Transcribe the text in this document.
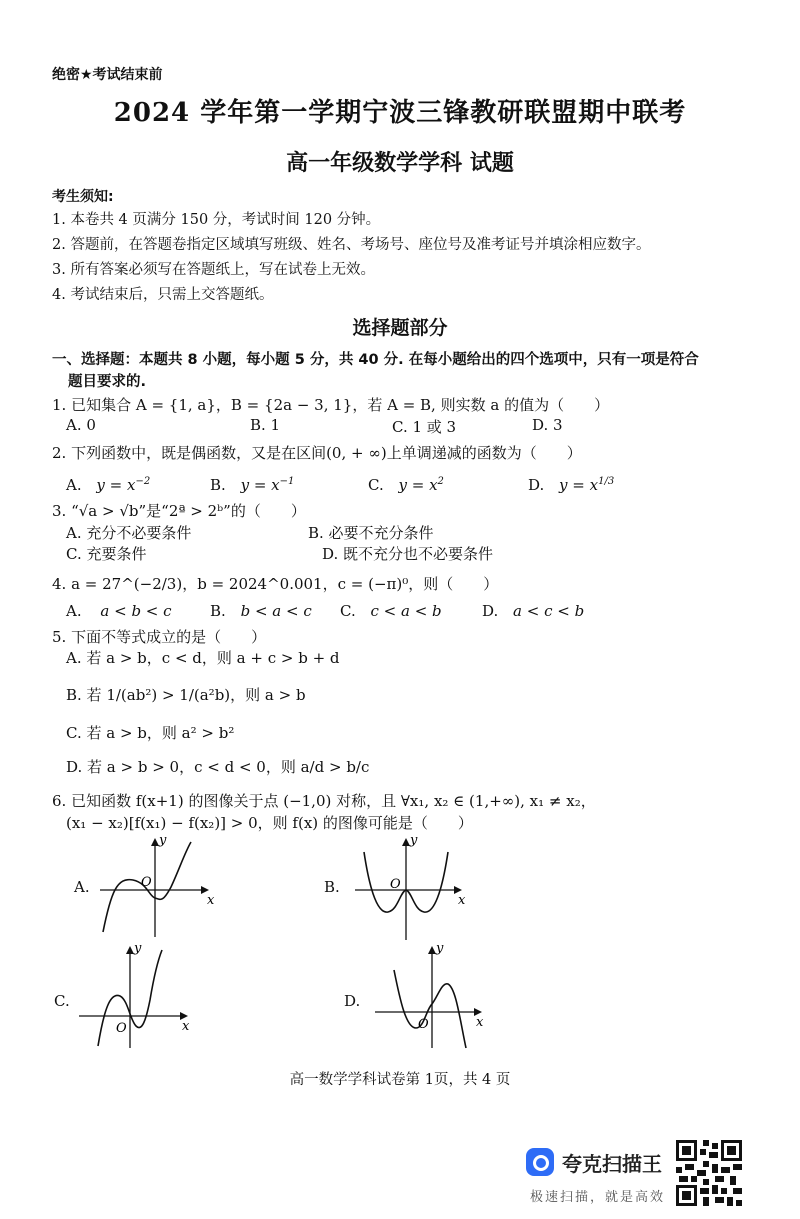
绝密★考试结束前
2024 学年第一学期宁波三锋教研联盟期中联考
高一年级数学学科 试题
考生须知:
1. 本卷共 4 页满分 150 分，考试时间 120 分钟。
2. 答题前，在答题卷指定区域填写班级、姓名、考场号、座位号及准考证号并填涂相应数字。
3. 所有答案必须写在答题纸上，写在试卷上无效。
4. 考试结束后，只需上交答题纸。
选择题部分
一、选择题：本题共 8 小题，每小题 5 分，共 40 分. 在每小题给出的四个选项中，只有一项是符合
题目要求的.
1. 已知集合 A = {1, a}，B = {2a − 3, 1}，若 A = B, 则实数 a 的值为（　　）
A. 0	B. 1	C. 1 或 3	D. 3
2. 下列函数中，既是偶函数，又是在区间(0, + ∞)上单调递减的函数为（　　）
A. $y = x^{-2}$	B. $y = x^{-1}$	C. $y = x^2$	D. $y = x^{1/3}$
3. “√a > √b”是“2ª > 2ᵇ”的（　　）
A. 充分不必要条件	B. 必要不充分条件
C. 充要条件	D. 既不充分也不必要条件
4. a = 27^(−2/3)，b = 2024^0.001，c = (−π)⁰，则（　　）
A. a < b < c	B. b < a < c C. c < a < b	D. a < c < b
5. 下面不等式成立的是（　　）
A. 若 a > b，c < d，则 a + c > b + d
B. 若 1/(ab²) > 1/(a²b)，则 a > b
C. 若 a > b，则 a² > b²
D. 若 a > b > 0，c < d < 0，则 a/d > b/c
6. 已知函数 f(x+1) 的图像关于点 (−1,0) 对称，且 ∀x₁, x₂ ∈ (1,+∞), x₁ ≠ x₂，
(x₁ − x₂)[f(x₁) − f(x₂)] > 0，则 f(x) 的图像可能是（　　）
A.
x
y
O	B.
x
y
O
C.
x
y
O
D.
x
y
O
高一数学学科试卷第 1页，共 4 页
夸克扫描王
极速扫描，就是高效
